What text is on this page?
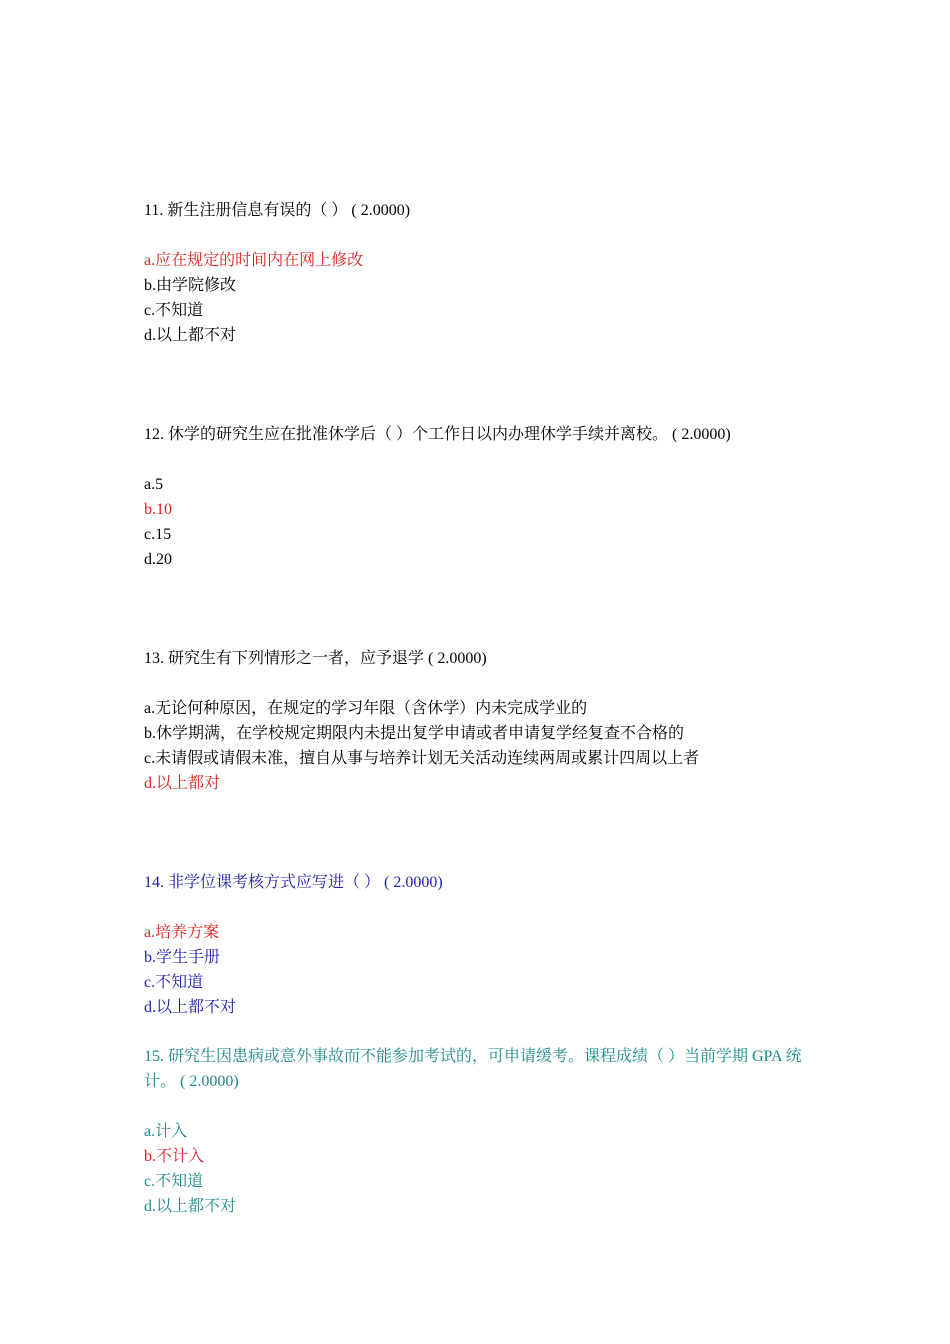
11. 新生注册信息有误的（ ） ( 2.0000)

a.应在规定的时间内在网上修改
b.由学院修改
c.不知道
d.以上都不对

12. 休学的研究生应在批准休学后（ ）个工作日以内办理休学手续并离校。 ( 2.0000)

a.5
b.10
c.15
d.20

13. 研究生有下列情形之一者，应予退学 ( 2.0000)

a.无论何种原因，在规定的学习年限（含休学）内未完成学业的
b.休学期满，在学校规定期限内未提出复学申请或者申请复学经复查不合格的
c.未请假或请假未准，擅自从事与培养计划无关活动连续两周或累计四周以上者
d.以上都对

14. 非学位课考核方式应写进（ ） ( 2.0000)

a.培养方案
b.学生手册
c.不知道
d.以上都不对

15. 研究生因患病或意外事故而不能参加考试的，可申请缓考。课程成绩（ ）当前学期 GPA 统计。 ( 2.0000)

a.计入
b.不计入
c.不知道
d.以上都不对
